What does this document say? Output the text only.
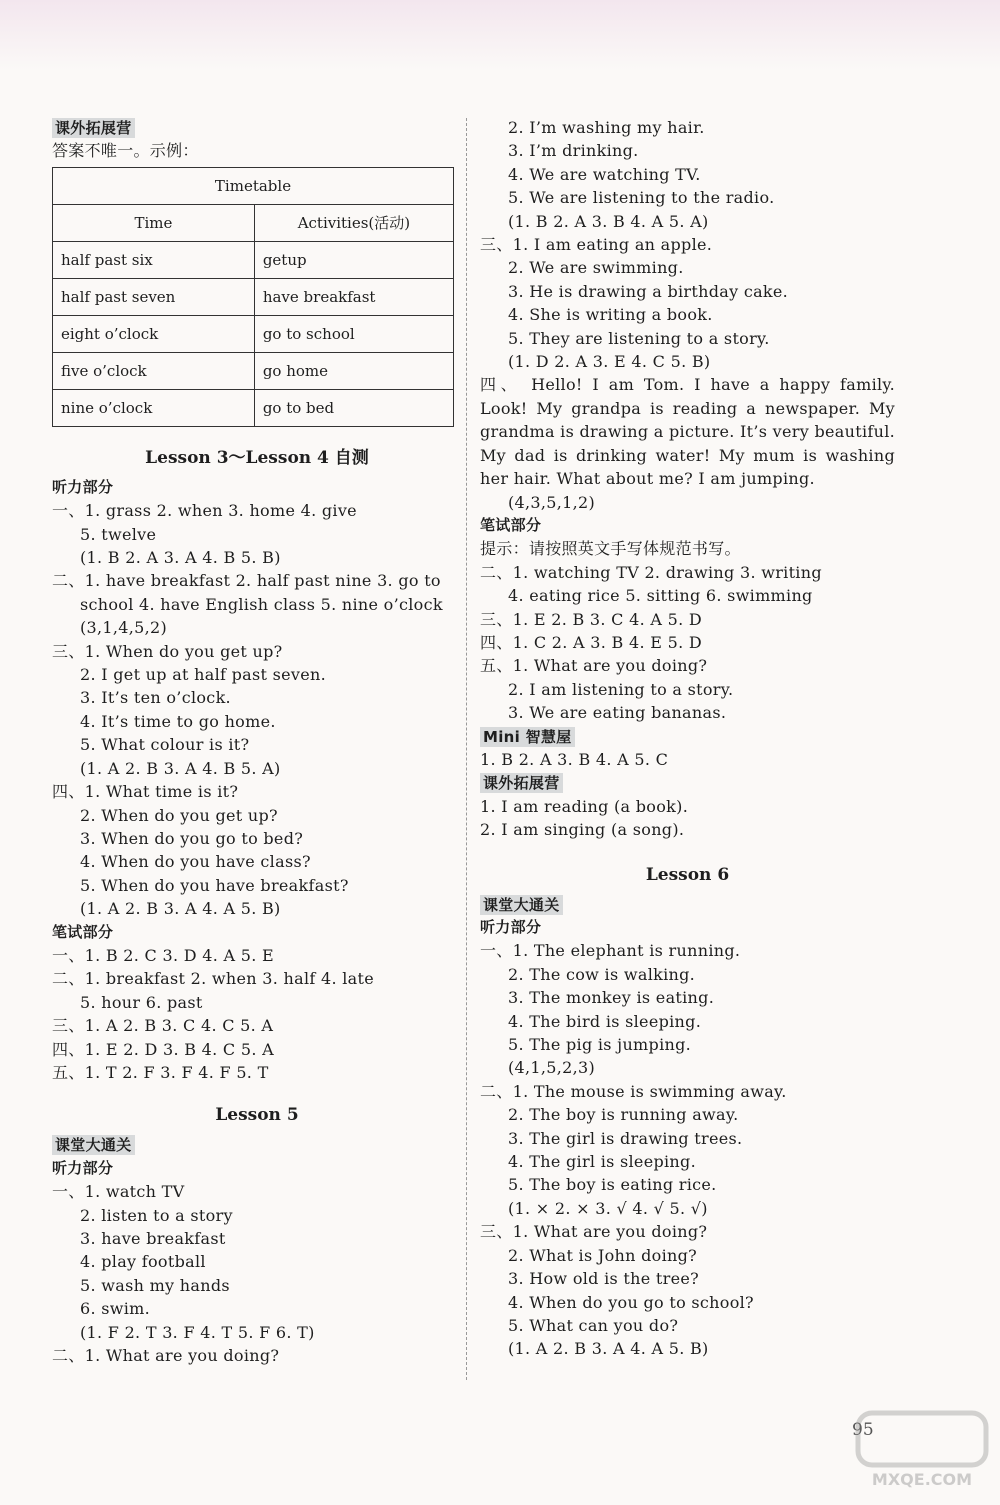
课外拓展营
答案不唯一。示例：
Timetable	
Time	Activities(活动)
half past six	getup
half past seven	have breakfast
eight o’clock	go to school
five o’clock	go home
nine o’clock	go to bed
Lesson 3～Lesson 4 自测
听力部分
一、1. grass 2. when 3. home 4. give
5. twelve
(1. B 2. A 3. A 4. B 5. B)
二、1. have breakfast 2. half past nine 3. go to
school 4. have English class 5. nine o’clock
(3,1,4,5,2)
三、1. When do you get up?
2. I get up at half past seven.
3. It’s ten o’clock.
4. It’s time to go home.
5. What colour is it?
(1. A 2. B 3. A 4. B 5. A)
四、1. What time is it?
2. When do you get up?
3. When do you go to bed?
4. When do you have class?
5. When do you have breakfast?
(1. A 2. B 3. A 4. A 5. B)
笔试部分
一、1. B 2. C 3. D 4. A 5. E
二、1. breakfast 2. when 3. half 4. late
5. hour 6. past
三、1. A 2. B 3. C 4. C 5. A
四、1. E 2. D 3. B 4. C 5. A
五、1. T 2. F 3. F 4. F 5. T
Lesson 5
课堂大通关
听力部分
一、1. watch TV
2. listen to a story
3. have breakfast
4. play football
5. wash my hands
6. swim.
(1. F 2. T 3. F 4. T 5. F 6. T)
二、1. What are you doing?
2. I’m washing my hair.
3. I’m drinking.
4. We are watching TV.
5. We are listening to the radio.
(1. B 2. A 3. B 4. A 5. A)
三、1. I am eating an apple.
2. We are swimming.
3. He is drawing a birthday cake.
4. She is writing a book.
5. They are listening to a story.
(1. D 2. A 3. E 4. C 5. B)
四、 Hello! I am Tom. I have a happy family. Look! My grandpa is reading a newspaper. My grandma is drawing a picture. It’s very beautiful. My dad is drinking water! My mum is washing her hair. What about me? I am jumping.
(4,3,5,1,2)
笔试部分
提示：请按照英文手写体规范书写。
二、1. watching TV 2. drawing 3. writing
4. eating rice 5. sitting 6. swimming
三、1. E 2. B 3. C 4. A 5. D
四、1. C 2. A 3. B 4. E 5. D
五、1. What are you doing?
2. I am listening to a story.
3. We are eating bananas.
Mini 智慧屋
1. B 2. A 3. B 4. A 5. C
课外拓展营
1. I am reading (a book).
2. I am singing (a song).
Lesson 6
课堂大通关
听力部分
一、1. The elephant is running.
2. The cow is walking.
3. The monkey is eating.
4. The bird is sleeping.
5. The pig is jumping.
(4,1,5,2,3)
二、1. The mouse is swimming away.
2. The boy is running away.
3. The girl is drawing trees.
4. The girl is sleeping.
5. The boy is eating rice.
(1. × 2. × 3. √ 4. √ 5. √)
三、1. What are you doing?
2. What is John doing?
3. How old is the tree?
4. When do you go to school?
5. What can you do?
(1. A 2. B 3. A 4. A 5. B)
95
MXQE.COM
